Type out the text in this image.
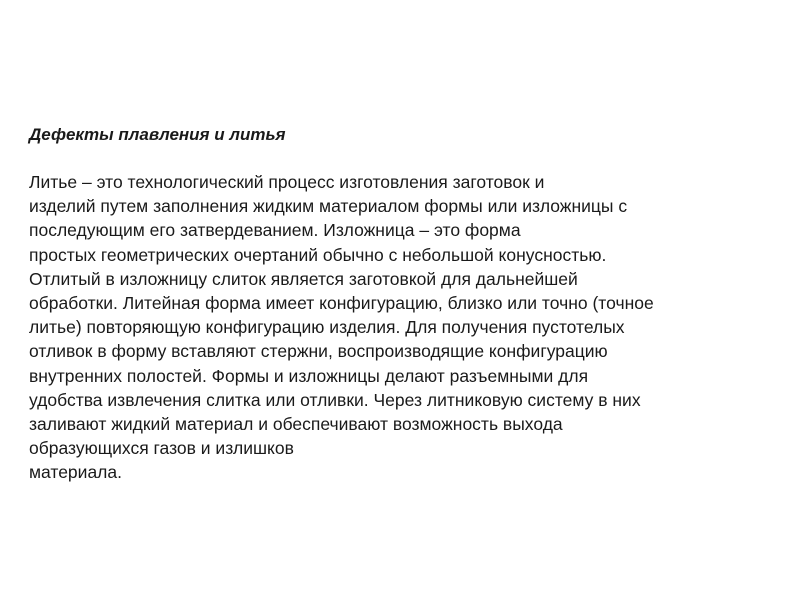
Дефекты плавления и литья
Литье – это технологический процесс изготовления заготовок и
изделий путем заполнения жидким материалом формы или изложницы с
последующим его затвердеванием. Изложница – это форма
простых геометрических очертаний обычно с небольшой конусностью.
Отлитый в изложницу слиток является заготовкой для дальнейшей
обработки. Литейная форма имеет конфигурацию, близко или точно (точное
литье) повторяющую конфигурацию изделия. Для получения пустотелых
отливок в форму вставляют стержни, воспроизводящие конфигурацию
внутренних полостей. Формы и изложницы делают разъемными для
удобства извлечения слитка или отливки. Через литниковую систему в них
заливают жидкий материал и обеспечивают возможность выхода
образующихся газов и излишков
материала.
